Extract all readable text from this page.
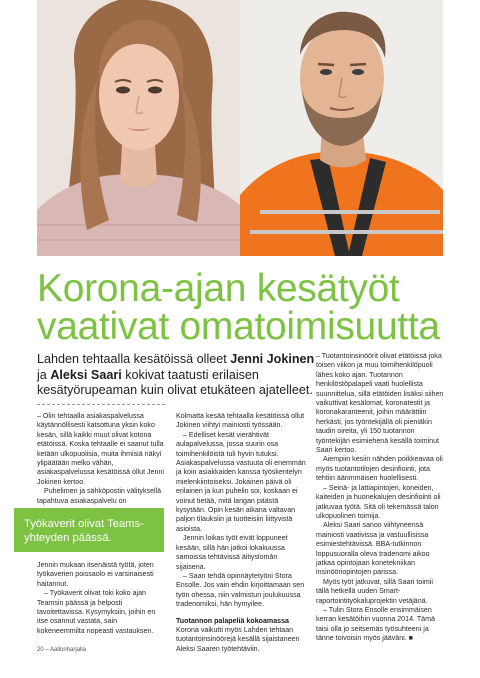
Korona-ajan kesätyöt
vaativat omatoimisuutta

Lahden tehtaalla kesätöissä olleet Jenni Jokinen ja Aleksi Saari kokivat taatusti erilaisen kesätyörupeaman kuin olivat etukäteen ajatelleet.

– Olin tehtaalla asiakaspalvelussa käytännöllisesti katsottuna yksin koko kesän, sillä kaikki muut olivat kotona etätöissä. Koska tehtaalle ei saanut tulla ketään ulkopuolisia, muita ihmisiä näkyi ylipäätään melko vähän, asiakaspalvelussa kesätöissä ollut Jenni Jokinen kertoo.

Puhelimen ja sähköpostin välityksellä tapahtuva asiakaspalvelu on

Työkaverit olivat Teams-
yhteyden päässä.

Jennin mukaan itsenäistä työtä, joten työkaverien poissaolo ei varsinaisesti haitannut.

– Työkaverit olivat toki koko ajan Teamsin päässä ja helposti tavoitettavissa. Kysymyksiin, joihin en itse osannut vastata, sain kokeneemmilta nopeasti vastauksen.

Kolmatta kesää tehtaalla kesätöissä ollut Jokinen viihtyi mainiosti työssään.

– Edelliset kesät vierähtivät aulapalvelussa, jossa suurin osa toimihenkilöistä tuli hyvin tutuksi. Asiakaspalvelussa vastuuta oli enemmän ja koin asiakkaiden kanssa työskentelyn mielenkiintoiseksi. Jokainen päivä oli erilainen ja kun puhelin soi, koskaan ei voinut tietää, mitä langan päästä kysytään. Opin kesän aikana valtavan paljon tilauksiin ja tuotteisiin liittyvistä asioista.

Jennin loikas työt eivät loppuneet kesään, sillä hän jatkoi lokakuussa samoissa tehtävissä äitiyslomān sijaisena.

– Saan tehdä opinnäytetyöni Stora Ensolle. Jos vain ehdin kirjoittamaan sen työn ohessa, niin valmistun joulukuussa tradenomiksi, hän hymyilee.

Tuotannon palapeliä kokoamassa

Korona vaikutti myös Lahden tehtaan tuotantoinsinöörejä kesällä sijaistaneen Aleksi Saaren työtehtäviin.

– Tuotantoinsinöörit olivat etätöissä joka toisen viikon ja muu toimihenkilöpuoli lähes koko ajan. Tuotannon henkilöstöpalapeli vaati huolellista suunnittelua, sillä etätöiden lisäksi siihen vaikuttivat kesälomat, koronatestit ja koronakaranteenit, joihin määrättiin herkästi, jos työntekijällä oli pieniäkin taudin oireita, yli 150 tuotannon työntekijän esimiehenä kesällä toiminut Saari kertoo.

Aiempiin kesiin nähden poikkeavaa oli myös tuotantotilojen desinfiointi, jota tehtiin äärimmäisen huolellisesti.

– Seinä- ja lattiapintojen, koneiden, kaiteiden ja huonekalujen desinfiointi oli jatkuvaa työtä. Sitä oli tekemässä talon ulkopuolinen toimija.

Aleksi Saari sanoo viihtyneensä mainiosti vaativissa ja vastuullisissa esimiestehtävissä. BBA-tutkinnon loppusuoralla oleva tradenomi aikoo jatkaa opintojaan konetekniikan insinööriopintojen parissa.

Myös työt jatkuvat, sillä Saari toimii tällä hetkellä uuden Smart-raportointityökaluprojektin vetäjänä.

– Tulin Stora Ensolle ensimmäisen kerran kesätöihin vuonna 2014. Tämä taisi olla jo seitsemäs työsuhteeni ja tänne toivoisin myös jääväni. ■

20 – Aallonharjalla
